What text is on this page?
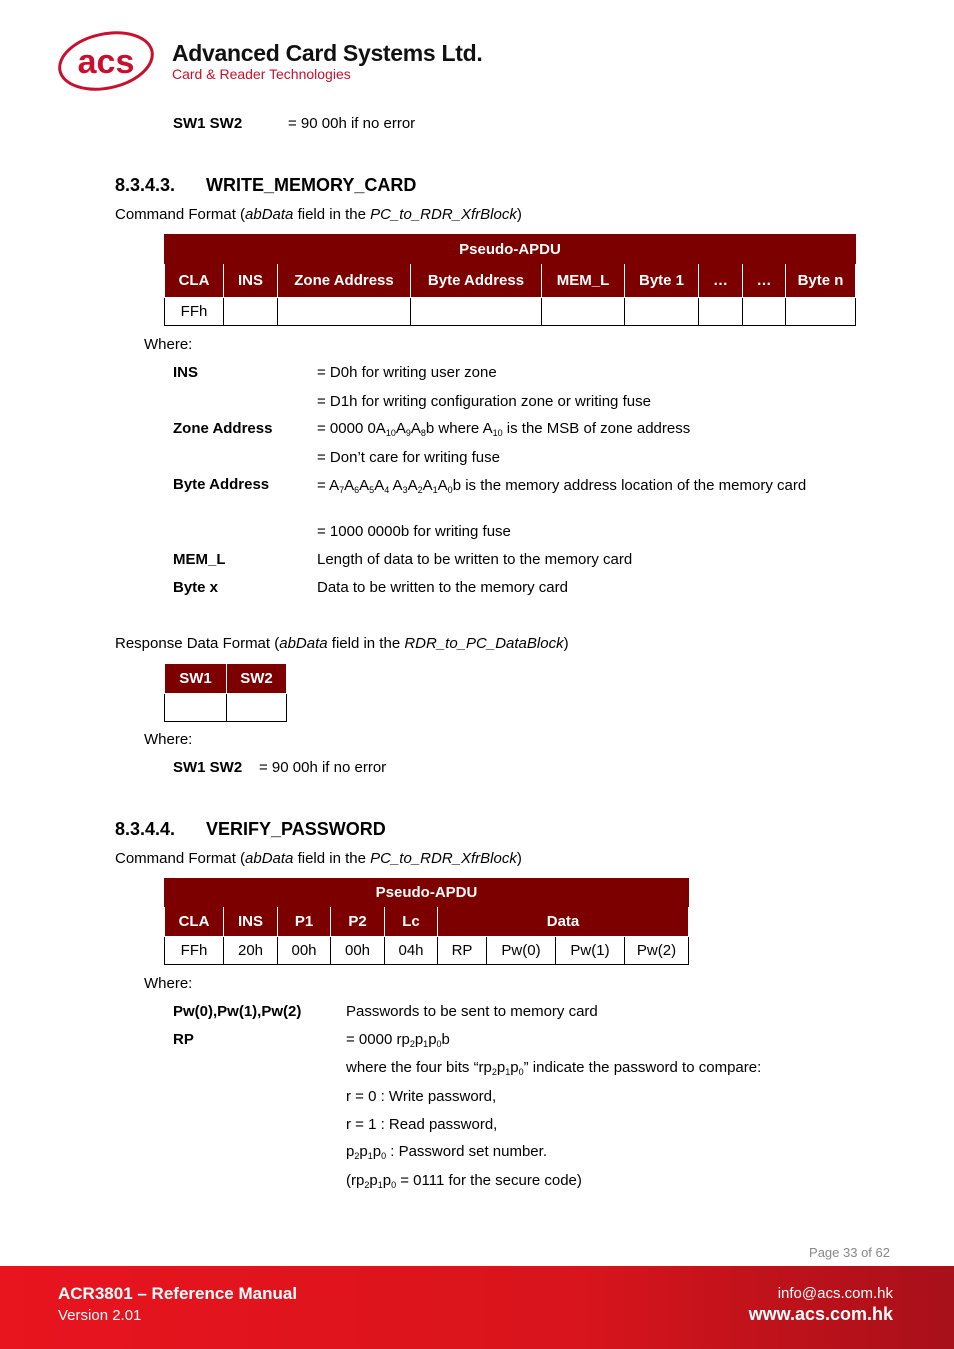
acs Advanced Card Systems Ltd.
Card & Reader Technologies
SW1 SW2	= 90 00h if no error
8.3.4.3. WRITE_MEMORY_CARD
Command Format (abData field in the PC_to_RDR_XfrBlock)
Pseudo-APDU								
CLA	INS	Zone Address	Byte Address	MEM_L	Byte 1	…	…	Byte n
FFh								
Where:
INS	= D0h for writing user zone
= D1h for writing configuration zone or writing fuse
Zone Address	= 0000 $0A_{10}A_9A_8b$ where $A_{10}$ is the MSB of zone address
= Don’t care for writing fuse
Byte Address	= $A_7A_6A_5A_4$ $A_3A_2A_1A_0b$ is the memory address location of the memory card
= 1000 0000b for writing fuse
MEM_L	Length of data to be written to the memory card
Byte x	Data to be written to the memory card
Response Data Format (abData field in the RDR_to_PC_DataBlock)
SW1	SW2

Where:
SW1 SW2 = 90 00h if no error
8.3.4.4. VERIFY_PASSWORD
Command Format (abData field in the PC_to_RDR_XfrBlock)
Pseudo-APDU								
CLA	INS	P1	P2	Lc	Data			
FFh	20h	00h	00h	04h	RP	Pw(0)	Pw(1)	Pw(2)
Where:
Pw(0),Pw(1),Pw(2)	Passwords to be sent to memory card
RP	= 0000 $rp_2p_1p_0b$
where the four bits “$rp_2p_1p_0$” indicate the password to compare:
r = 0 : Write password,
r = 1 : Read password,
$p_2p_1p_0$ : Password set number.
($rp_2p_1p_0 = 0111$ for the secure code)
Page 33 of 62
ACR3801 – Reference Manual
Version 2.01
info@acs.com.hk
www.acs.com.hk
